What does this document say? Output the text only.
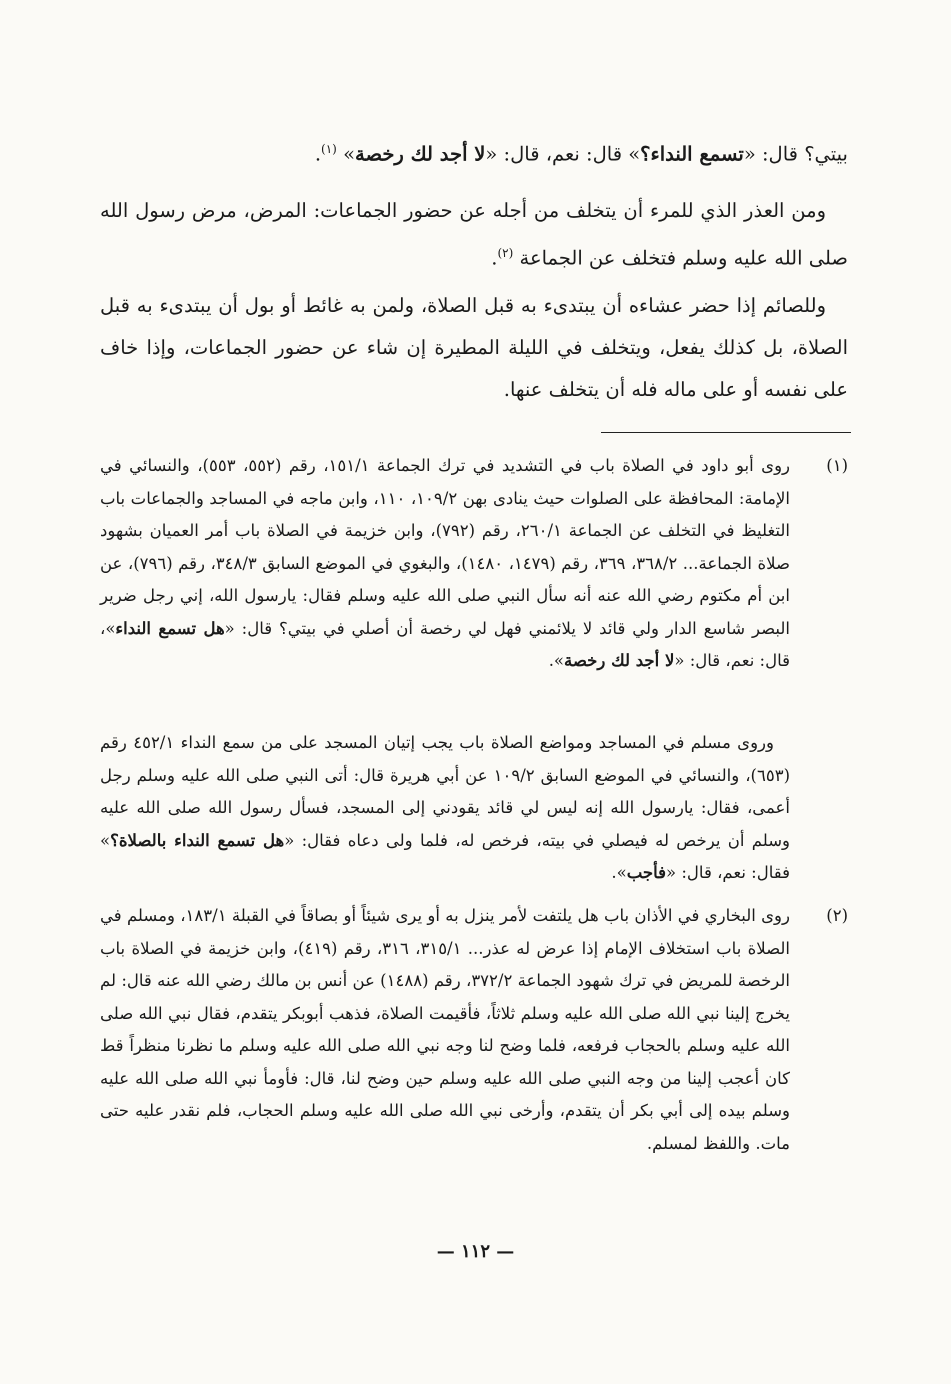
بيتي؟ قال: «تسمع النداء؟» قال: نعم، قال: «لا أجد لك رخصة» $^{(١)}$.

ومن العذر الذي للمرء أن يتخلف من أجله عن حضور الجماعات: المرض، مرض رسول الله صلى الله عليه وسلم فتخلف عن الجماعة $^{(٢)}$.

وللصائم إذا حضر عشاءه أن يبتدىء به قبل الصلاة، ولمن به غائط أو بول أن يبتدىء به قبل الصلاة، بل كذلك يفعل، ويتخلف في الليلة المطيرة إن شاء عن حضور الجماعات، وإذا خاف على نفسه أو على ماله فله أن يتخلف عنها.

(١)

روى أبو داود في الصلاة باب في التشديد في ترك الجماعة ١٥١/١، رقم (٥٥٢، ٥٥٣)، والنسائي في الإمامة: المحافظة على الصلوات حيث ينادى بهن ١٠٩/٢، ١١٠، وابن ماجه في المساجد والجماعات باب التغليظ في التخلف عن الجماعة ٢٦٠/١، رقم (٧٩٢)، وابن خزيمة في الصلاة باب أمر العميان بشهود صلاة الجماعة... ٣٦٨/٢، ٣٦٩، رقم (١٤٧٩، ١٤٨٠)، والبغوي في الموضع السابق ٣٤٨/٣، رقم (٧٩٦)، عن ابن أم مكتوم رضي الله عنه أنه سأل النبي صلى الله عليه وسلم فقال: يارسول الله، إني رجل ضرير البصر شاسع الدار ولي قائد لا يلائمني فهل لي رخصة أن أصلي في بيتي؟ قال: «هل تسمع النداء»، قال: نعم، قال: «لا أجد لك رخصة».

وروى مسلم في المساجد ومواضع الصلاة باب يجب إتيان المسجد على من سمع النداء ٤٥٢/١ رقم (٦٥٣)، والنسائي في الموضع السابق ١٠٩/٢ عن أبي هريرة قال: أتى النبي صلى الله عليه وسلم رجل أعمى، فقال: يارسول الله إنه ليس لي قائد يقودني إلى المسجد، فسأل رسول الله صلى الله عليه وسلم أن يرخص له فيصلي في بيته، فرخص له، فلما ولى دعاه فقال: «هل تسمع النداء بالصلاة؟» فقال: نعم، قال: «فأجب».

(٢)

روى البخاري في الأذان باب هل يلتفت لأمر ينزل به أو يرى شيئاً أو بصاقاً في القبلة ١٨٣/١، ومسلم في الصلاة باب استخلاف الإمام إذا عرض له عذر... ٣١٥/١، ٣١٦، رقم (٤١٩)، وابن خزيمة في الصلاة باب الرخصة للمريض في ترك شهود الجماعة ٣٧٢/٢، رقم (١٤٨٨) عن أنس بن مالك رضي الله عنه قال: لم يخرج إلينا نبي الله صلى الله عليه وسلم ثلاثاً، فأقيمت الصلاة، فذهب أبوبكر يتقدم، فقال نبي الله صلى الله عليه وسلم بالحجاب فرفعه، فلما وضح لنا وجه نبي الله صلى الله عليه وسلم ما نظرنا منظراً قط كان أعجب إلينا من وجه النبي صلى الله عليه وسلم حين وضح لنا، قال: فأومأ نبي الله صلى الله عليه وسلم بيده إلى أبي بكر أن يتقدم، وأرخى نبي الله صلى الله عليه وسلم الحجاب، فلم نقدر عليه حتى مات. واللفظ لمسلم.

— ١١٢ —
